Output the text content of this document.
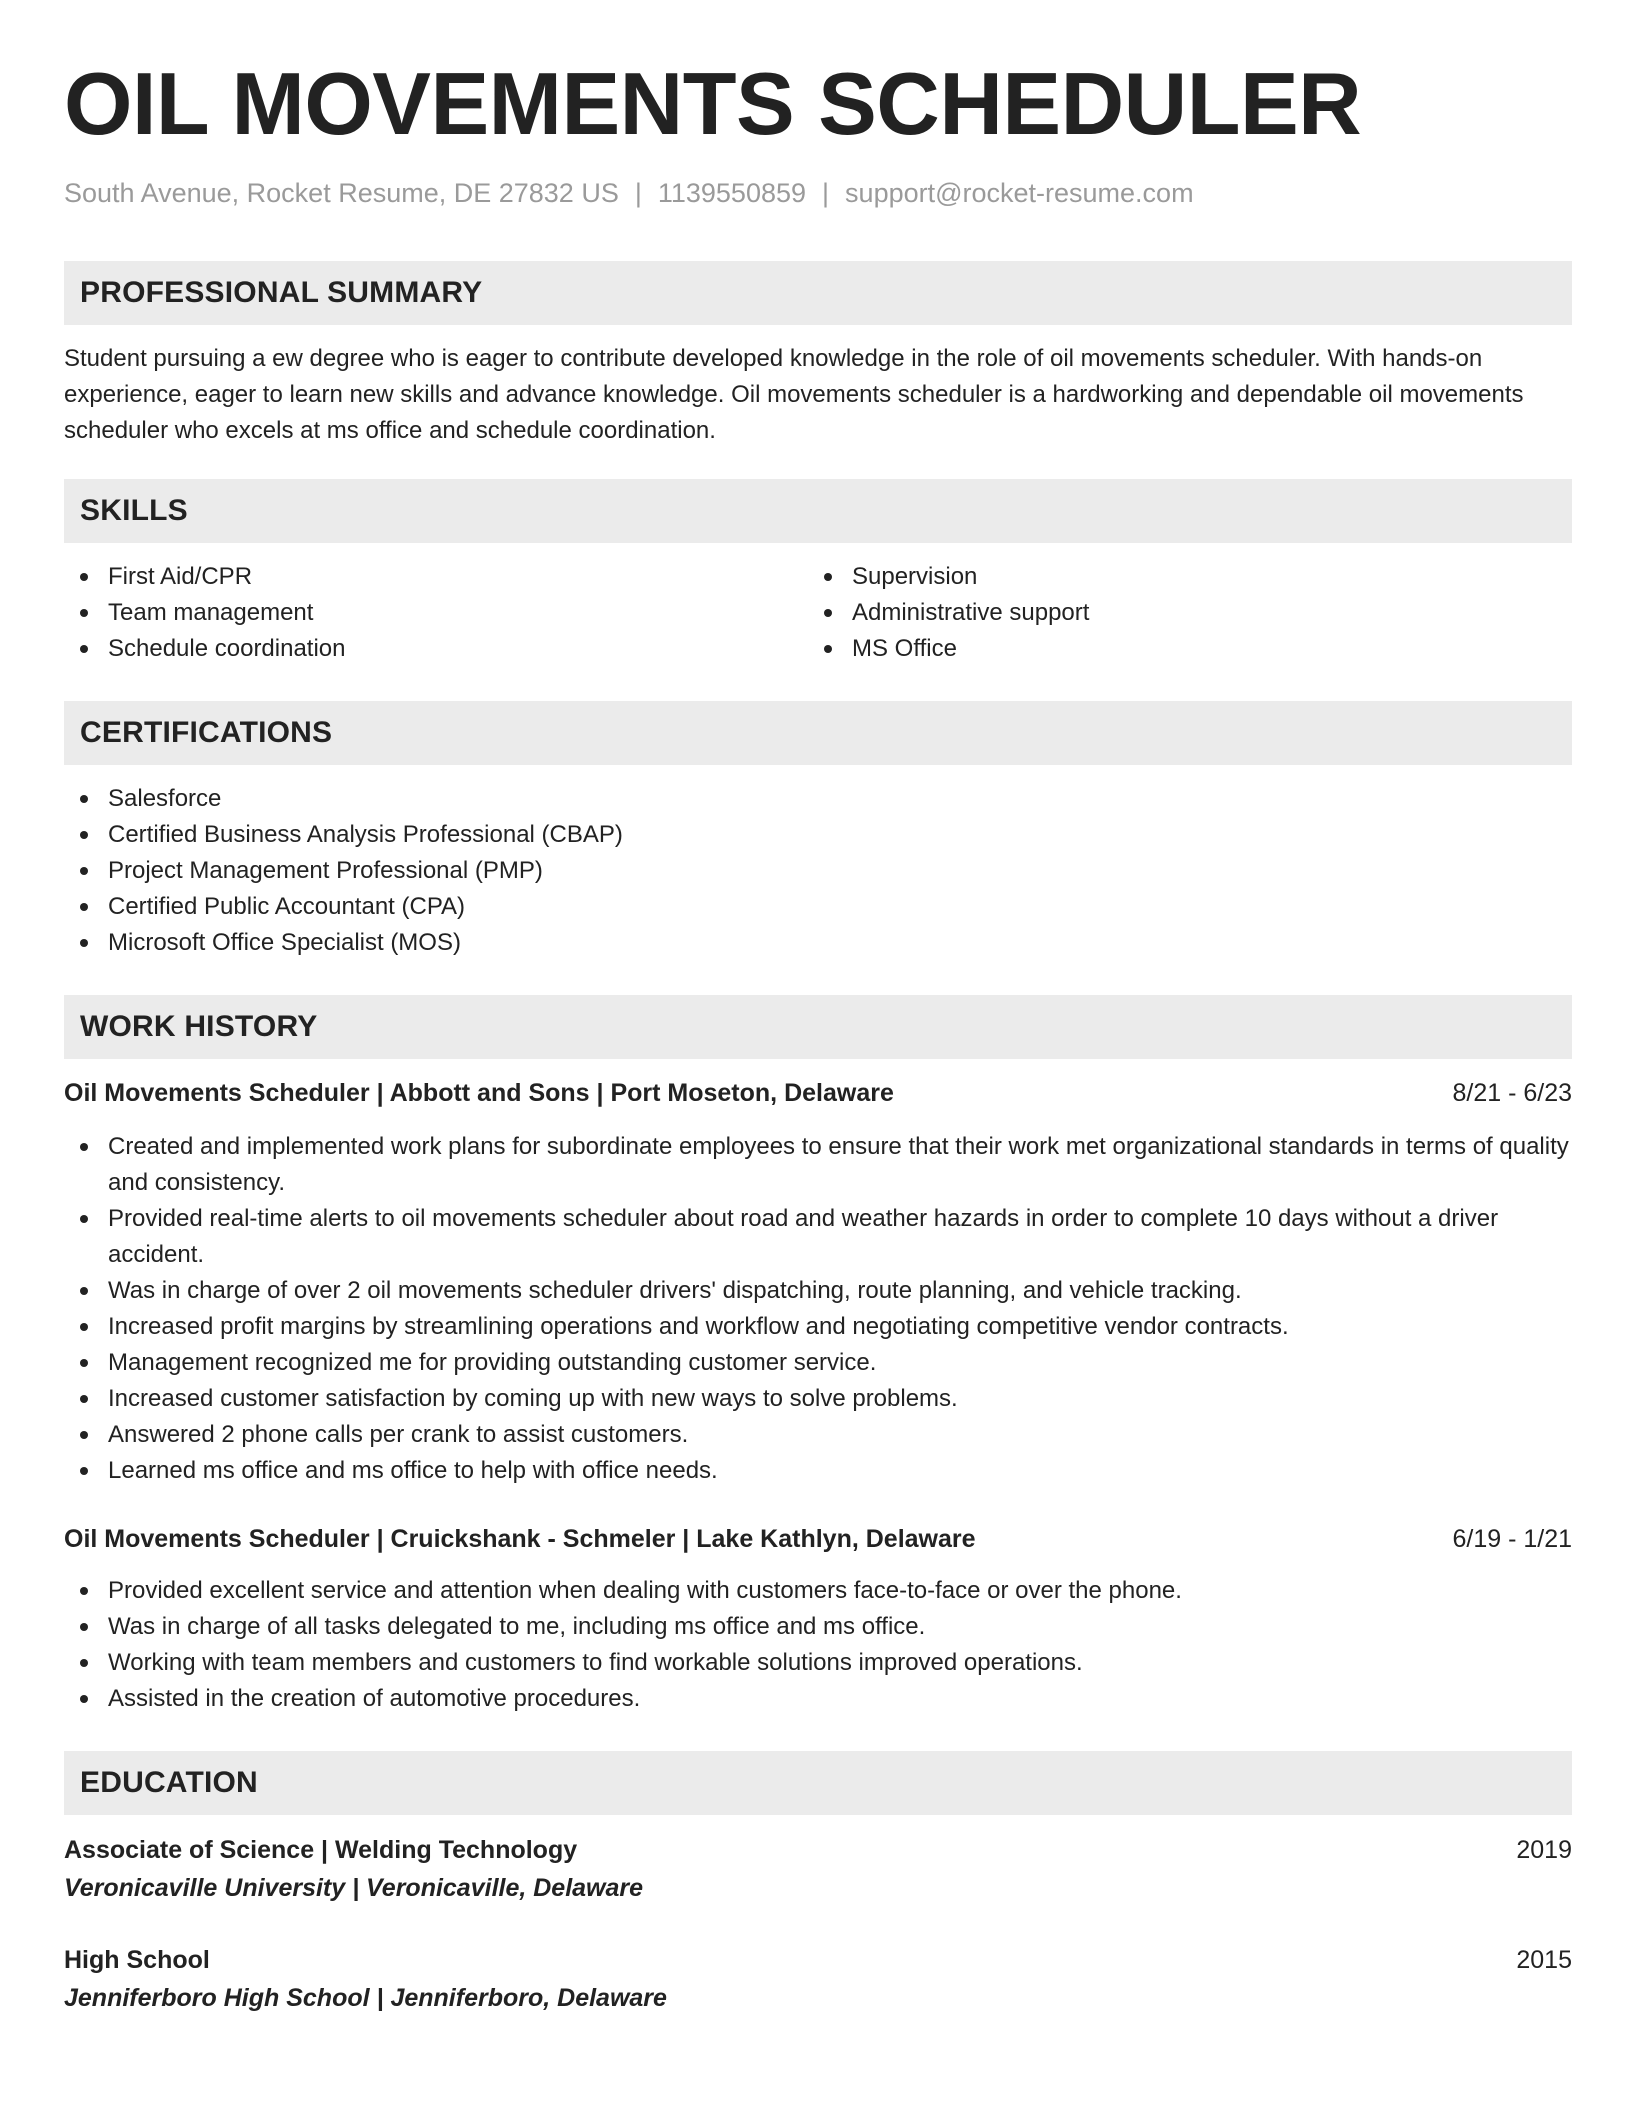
OIL MOVEMENTS SCHEDULER
South Avenue, Rocket Resume, DE 27832 US | 1139550859 | support@rocket-resume.com
PROFESSIONAL SUMMARY
Student pursuing a ew degree who is eager to contribute developed knowledge in the role of oil movements scheduler. With hands-on experience, eager to learn new skills and advance knowledge. Oil movements scheduler is a hardworking and dependable oil movements scheduler who excels at ms office and schedule coordination.
SKILLS
First Aid/CPR
Team management
Schedule coordination
Supervision
Administrative support
MS Office
CERTIFICATIONS
Salesforce
Certified Business Analysis Professional (CBAP)
Project Management Professional (PMP)
Certified Public Accountant (CPA)
Microsoft Office Specialist (MOS)
WORK HISTORY
Oil Movements Scheduler | Abbott and Sons | Port Moseton, Delaware	8/21 - 6/23
Created and implemented work plans for subordinate employees to ensure that their work met organizational standards in terms of quality and consistency.
Provided real-time alerts to oil movements scheduler about road and weather hazards in order to complete 10 days without a driver accident.
Was in charge of over 2 oil movements scheduler drivers' dispatching, route planning, and vehicle tracking.
Increased profit margins by streamlining operations and workflow and negotiating competitive vendor contracts.
Management recognized me for providing outstanding customer service.
Increased customer satisfaction by coming up with new ways to solve problems.
Answered 2 phone calls per crank to assist customers.
Learned ms office and ms office to help with office needs.
Oil Movements Scheduler | Cruickshank - Schmeler | Lake Kathlyn, Delaware	6/19 - 1/21
Provided excellent service and attention when dealing with customers face-to-face or over the phone.
Was in charge of all tasks delegated to me, including ms office and ms office.
Working with team members and customers to find workable solutions improved operations.
Assisted in the creation of automotive procedures.
EDUCATION
Associate of Science | Welding Technology	2019
Veronicaville University | Veronicaville, Delaware
High School	2015
Jenniferboro High School | Jenniferboro, Delaware
